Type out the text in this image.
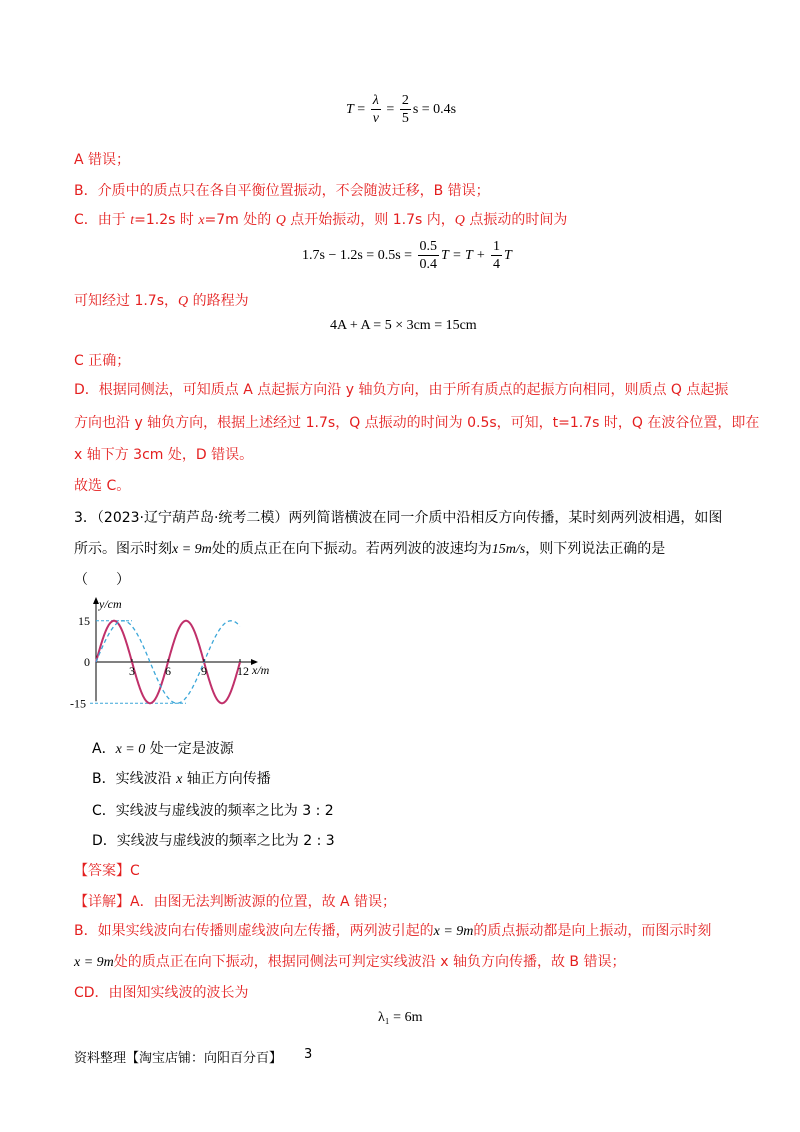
$T = \frac{\lambda}{v} = \frac{2}{5}$ s = 0.4s
A 错误；
B．介质中的质点只在各自平衡位置振动，不会随波迁移，B 错误；
C．由于 t=1.2s 时 x=7m 处的 Q 点开始振动，则 1.7s 内，Q 点振动的时间为
1.7s − 1.2s = 0.5s =
$\frac{0.5}{0.4}$ T = T +
$\frac{1}{4}$ T
可知经过 1.7s，Q 的路程为
4A + A = 5 × 3cm = 15cm
C 正确；
D．根据同侧法，可知质点 A 点起振方向沿 y 轴负方向，由于所有质点的起振方向相同，则质点 Q 点起振
方向也沿 y 轴负方向，根据上述经过 1.7s，Q 点振动的时间为 0.5s，可知，t=1.7s 时，Q 在波谷位置，即在
x 轴下方 3cm 处，D 错误。
故选 C。
3．（2023·辽宁葫芦岛·统考二模）两列简谐横波在同一介质中沿相反方向传播，某时刻两列波相遇，如图
所示。图示时刻x = 9m处的质点正在向下振动。若两列波的波速均为15m/s，则下列说法正确的是
（　　）
3	6	9	12
15
0
-15
x/m
y/cm
A．x = 0 处一定是波源
B．实线波沿 x 轴正方向传播
C．实线波与虚线波的频率之比为 3 : 2
D．实线波与虚线波的频率之比为 2 : 3
【答案】C
【详解】A．由图无法判断波源的位置，故 A 错误；
B．如果实线波向右传播则虚线波向左传播，两列波引起的x = 9m的质点振动都是向上振动，而图示时刻
x = 9m处的质点正在向下振动，根据同侧法可判定实线波沿 x 轴负方向传播，故 B 错误；
CD．由图知实线波的波长为
λ₁ = 6m
资料整理【淘宝店铺：向阳百分百】 3
